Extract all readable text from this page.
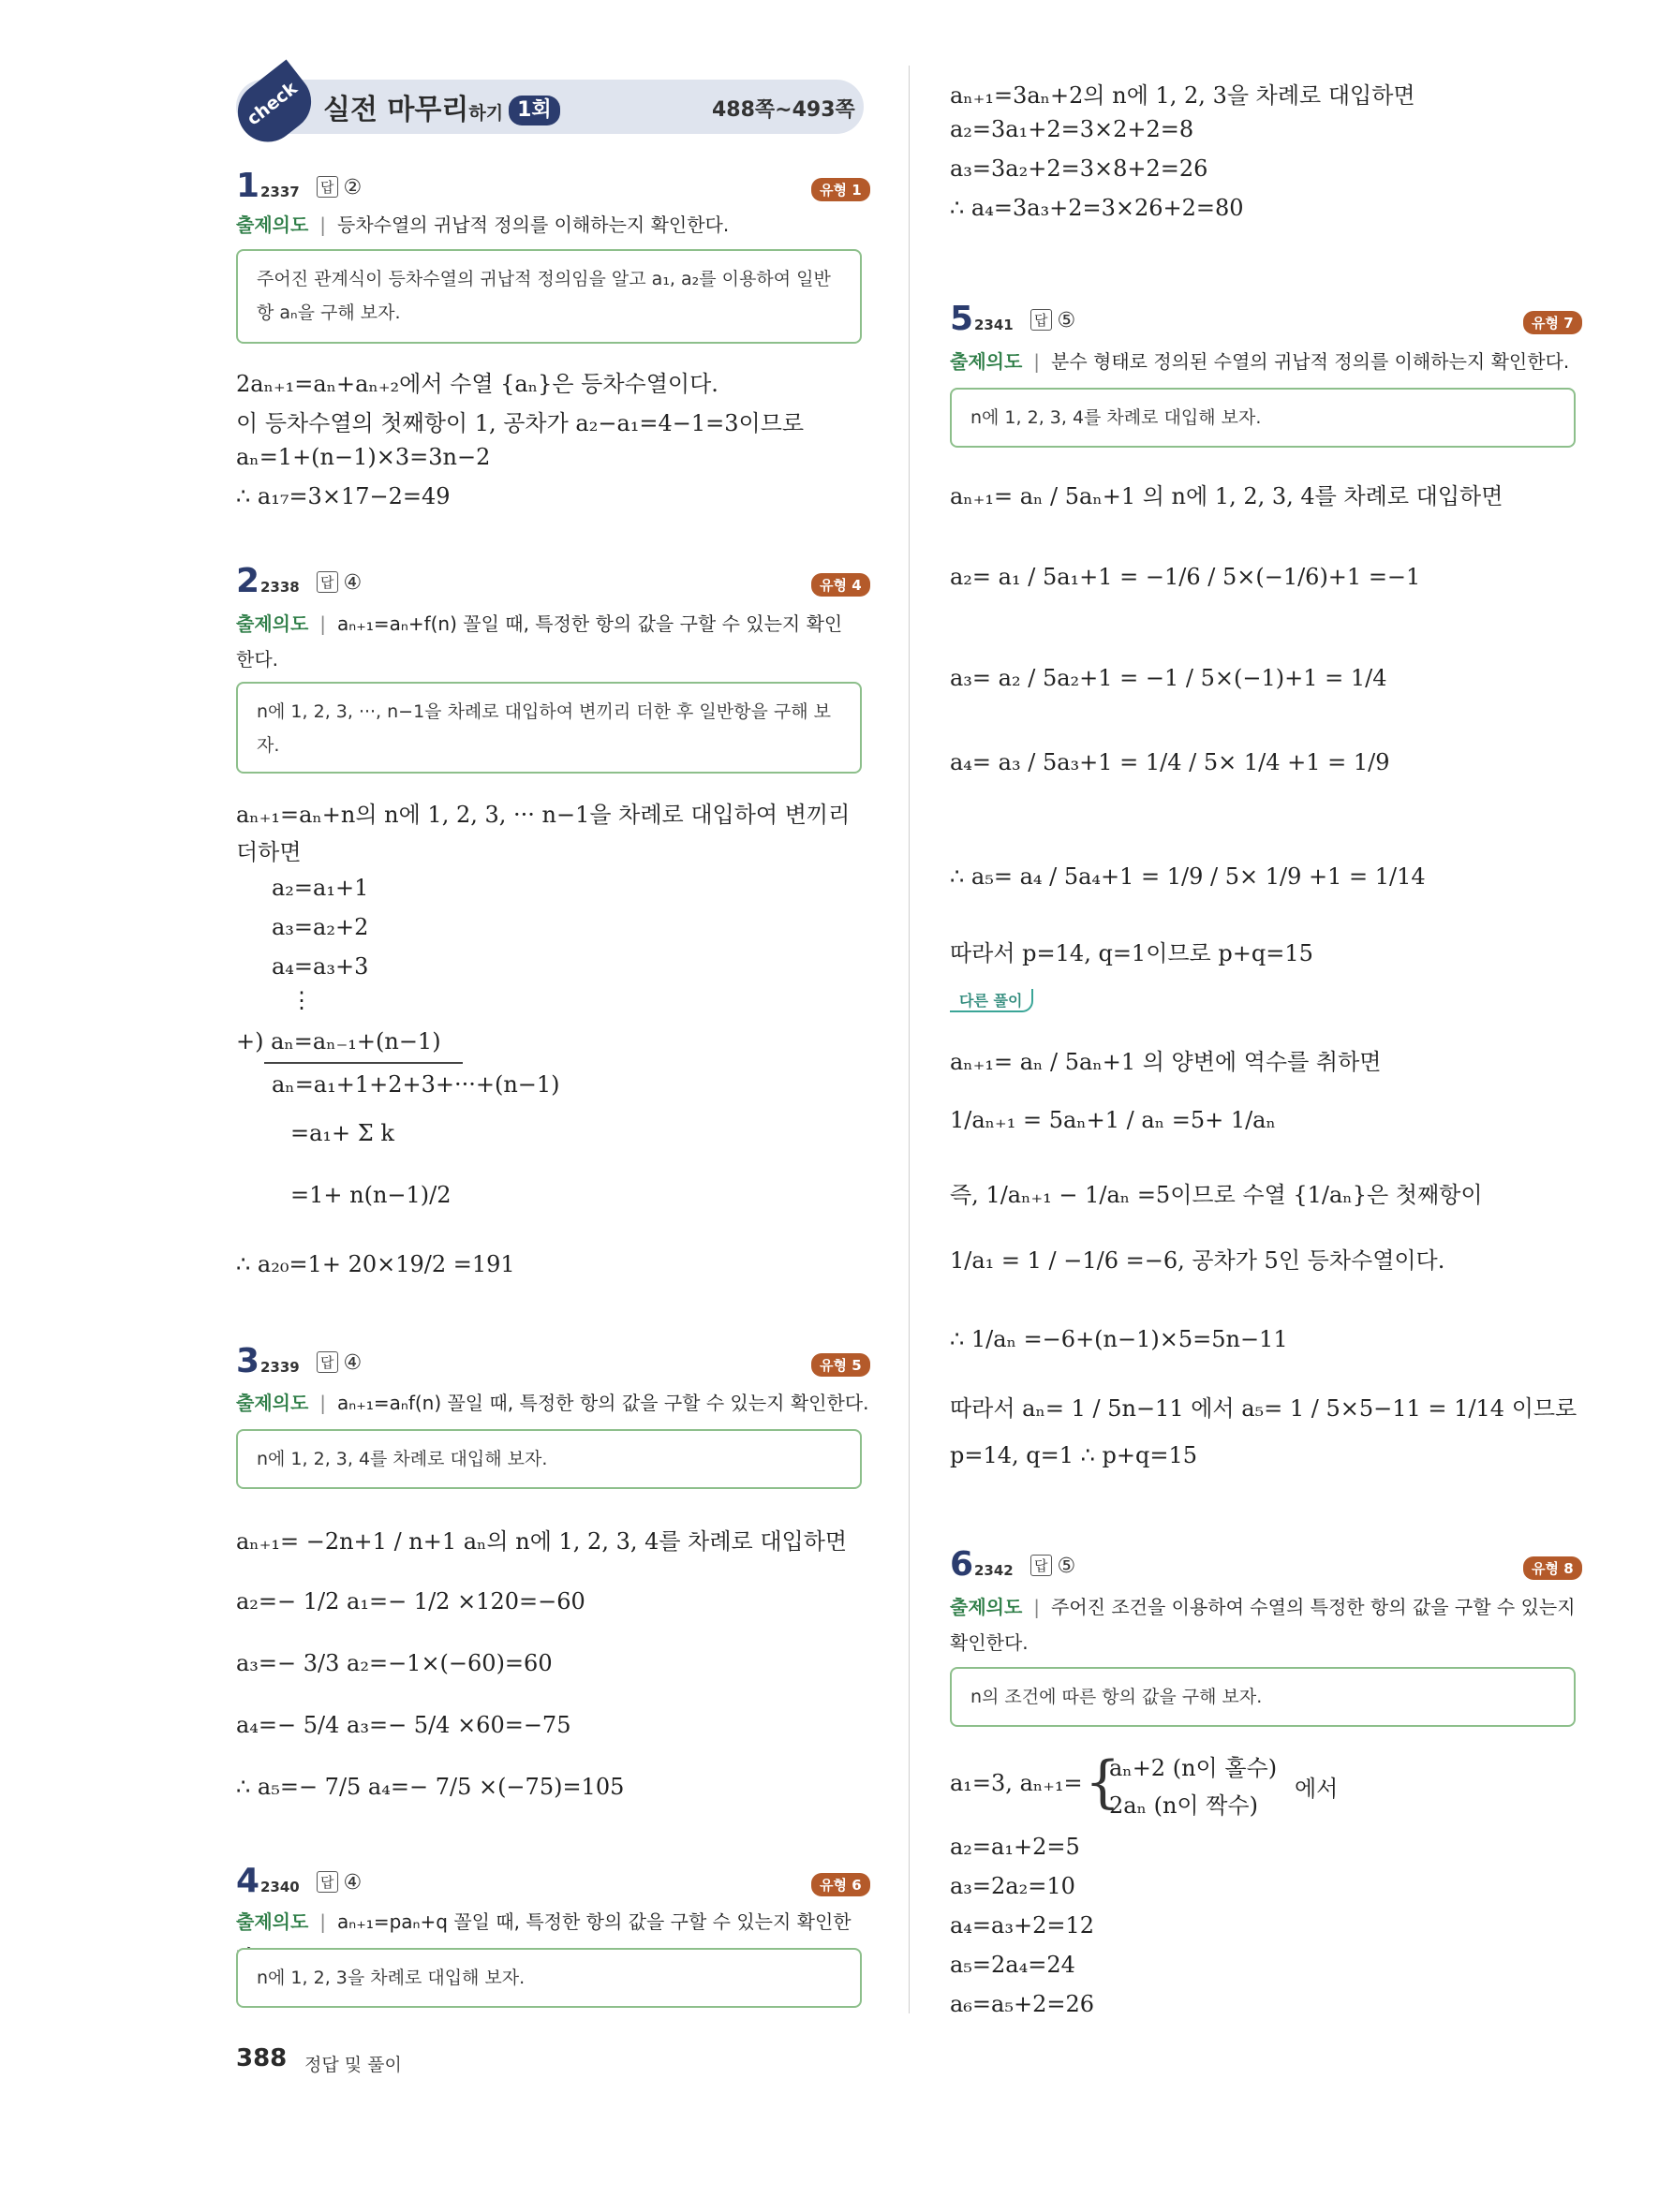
check 실전 마무리하기 1회	488쪽~493쪽
1 2337 답 ②	유형 1
출제의도 | 등차수열의 귀납적 정의를 이해하는지 확인한다.
주어진 관계식이 등차수열의 귀납적 정의임을 알고 a₁, a₂를 이용하여 일반항 aₙ을 구해 보자.
2aₙ₊₁=aₙ+aₙ₊₂에서 수열 {aₙ}은 등차수열이다.
이 등차수열의 첫째항이 1, 공차가 a₂−a₁=4−1=3이므로
aₙ=1+(n−1)×3=3n−2
∴ a₁₇=3×17−2=49
2 2338 답 ④	유형 4
출제의도 | aₙ₊₁=aₙ+f(n) 꼴일 때, 특정한 항의 값을 구할 수 있는지 확인
한다.
n에 1, 2, 3, ···, n−1을 차례로 대입하여 변끼리 더한 후 일반항을 구해 보자.
aₙ₊₁=aₙ+n의 n에 1, 2, 3, ··· n−1을 차례로 대입하여 변끼리
더하면
a₂=a₁+1
a₃=a₂+2
a₄=a₃+3
⋮
+) aₙ=aₙ₋₁+(n−1)
aₙ=a₁+1+2+3+···+(n−1)
=a₁+ Σ k
=1+ n(n−1)/2
∴ a₂₀=1+ 20×19/2 =191
3 2339 답 ④	유형 5
출제의도 | aₙ₊₁=aₙf(n) 꼴일 때, 특정한 항의 값을 구할 수 있는지 확인한다.
n에 1, 2, 3, 4를 차례로 대입해 보자.
aₙ₊₁= −2n+1 / n+1 aₙ의 n에 1, 2, 3, 4를 차례로 대입하면
a₂=− 1/2 a₁=− 1/2 ×120=−60
a₃=− 3/3 a₂=−1×(−60)=60
a₄=− 5/4 a₃=− 5/4 ×60=−75
∴ a₅=− 7/5 a₄=− 7/5 ×(−75)=105
4 2340 답 ④	유형 6
출제의도 | aₙ₊₁=paₙ+q 꼴일 때, 특정한 항의 값을 구할 수 있는지 확인한
n에 1, 2, 3을 차례로 대입해 보자.
aₙ₊₁=3aₙ+2의 n에 1, 2, 3을 차례로 대입하면
a₂=3a₁+2=3×2+2=8
a₃=3a₂+2=3×8+2=26
∴ a₄=3a₃+2=3×26+2=80
5 2341 답 ⑤	유형 7
출제의도 | 분수 형태로 정의된 수열의 귀납적 정의를 이해하는지 확인한다.
n에 1, 2, 3, 4를 차례로 대입해 보자.
aₙ₊₁= aₙ / 5aₙ+1 의 n에 1, 2, 3, 4를 차례로 대입하면
a₂= a₁ / 5a₁+1 = −1/6 / 5×(−1/6)+1 =−1
a₃= a₂ / 5a₂+1 = −1 / 5×(−1)+1 = 1/4
a₄= a₃ / 5a₃+1 = 1/4 / 5× 1/4 +1 = 1/9
∴ a₅= a₄ / 5a₄+1 = 1/9 / 5× 1/9 +1 = 1/14
따라서 p=14, q=1이므로 p+q=15
다른 풀이
aₙ₊₁= aₙ / 5aₙ+1 의 양변에 역수를 취하면
1/aₙ₊₁ = 5aₙ+1 / aₙ =5+ 1/aₙ
즉, 1/aₙ₊₁ − 1/aₙ =5이므로 수열 {1/aₙ}은 첫째항이
1/a₁ = 1 / −1/6 =−6, 공차가 5인 등차수열이다.
∴ 1/aₙ =−6+(n−1)×5=5n−11
따라서 aₙ= 1 / 5n−11 에서 a₅= 1 / 5×5−11 = 1/14 이므로
p=14, q=1 ∴ p+q=15
6 2342 답 ⑤	유형 8
출제의도 | 주어진 조건을 이용하여 수열의 특정한 항의 값을 구할 수 있는지
확인한다.
n의 조건에 따른 항의 값을 구해 보자.
a₁=3, aₙ₊₁= {
aₙ+2 (n이 홀수)
2aₙ (n이 짝수)
에서
a₂=a₁+2=5
a₃=2a₂=10
a₄=a₃+2=12
a₅=2a₄=24
a₆=a₅+2=26
388 정답 및 풀이
